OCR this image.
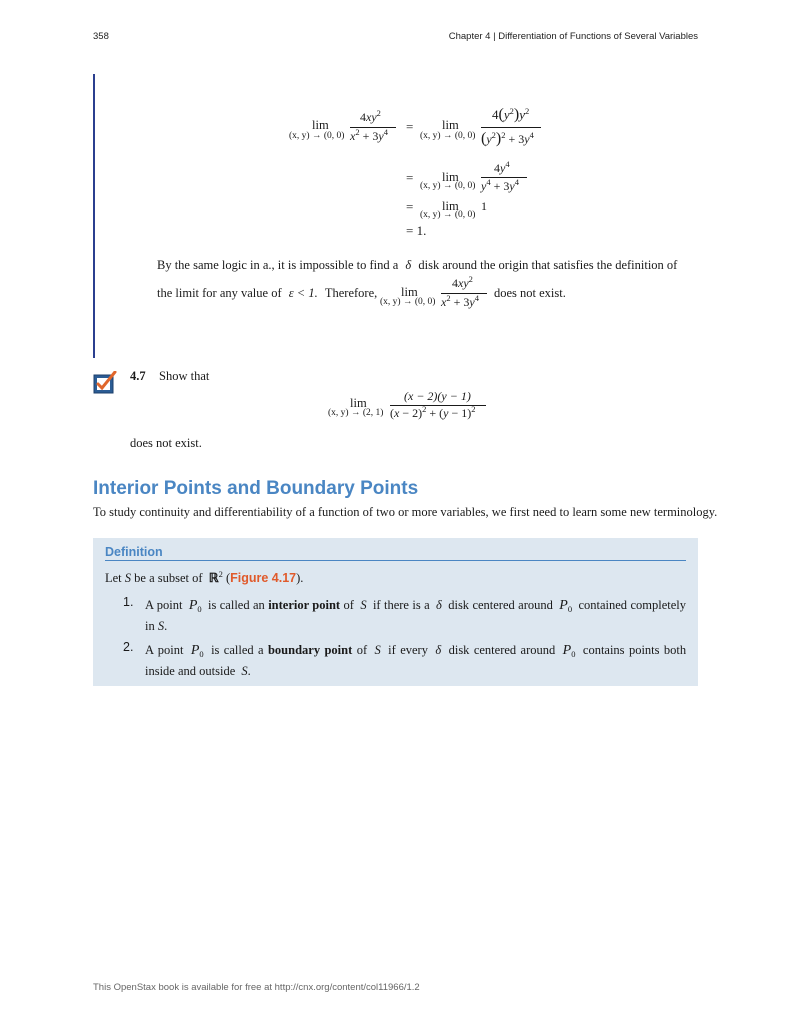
358	Chapter 4 | Differentiation of Functions of Several Variables
lim
(x, y) → (0, 0)
$4xy^2$
$x^2 + 3y^4 = \lim$
(x, y) → (0, 0)
$4(y^2)y^2$
$(y^2)^2 + 3y^4$
= lim
(x, y) → (0, 0)
$4y^4$
$y^4 + 3y^4$
= lim
(x, y) → (0, 0)
1
= 1.
By the same logic in a., it is impossible to find a δ disk around the origin that satisfies the definition of
the limit for any value of ε < 1. Therefore, lim
(x, y) → (0, 0)
$4xy^2$
$x^2 + 3y^4$ does not exist.
4.7 Show that
lim
(x, y) → (2, 1)
(x − 2)(y − 1)
$(x - 2)^2 + (y - 1)^2$
does not exist.
Interior Points and Boundary Points
To study continuity and differentiability of a function of two or more variables, we first need to learn some new terminology.
Definition
Let S be a subset of ℝ$^2$ (Figure 4.17).
1. A point $P_0$ is called an interior point of S if there is a δ disk centered around $P_0$ contained completely in S.
2. A point $P_0$ is called a boundary point of S if every δ disk centered around $P_0$ contains points both inside and outside S.
This OpenStax book is available for free at http://cnx.org/content/col11966/1.2
